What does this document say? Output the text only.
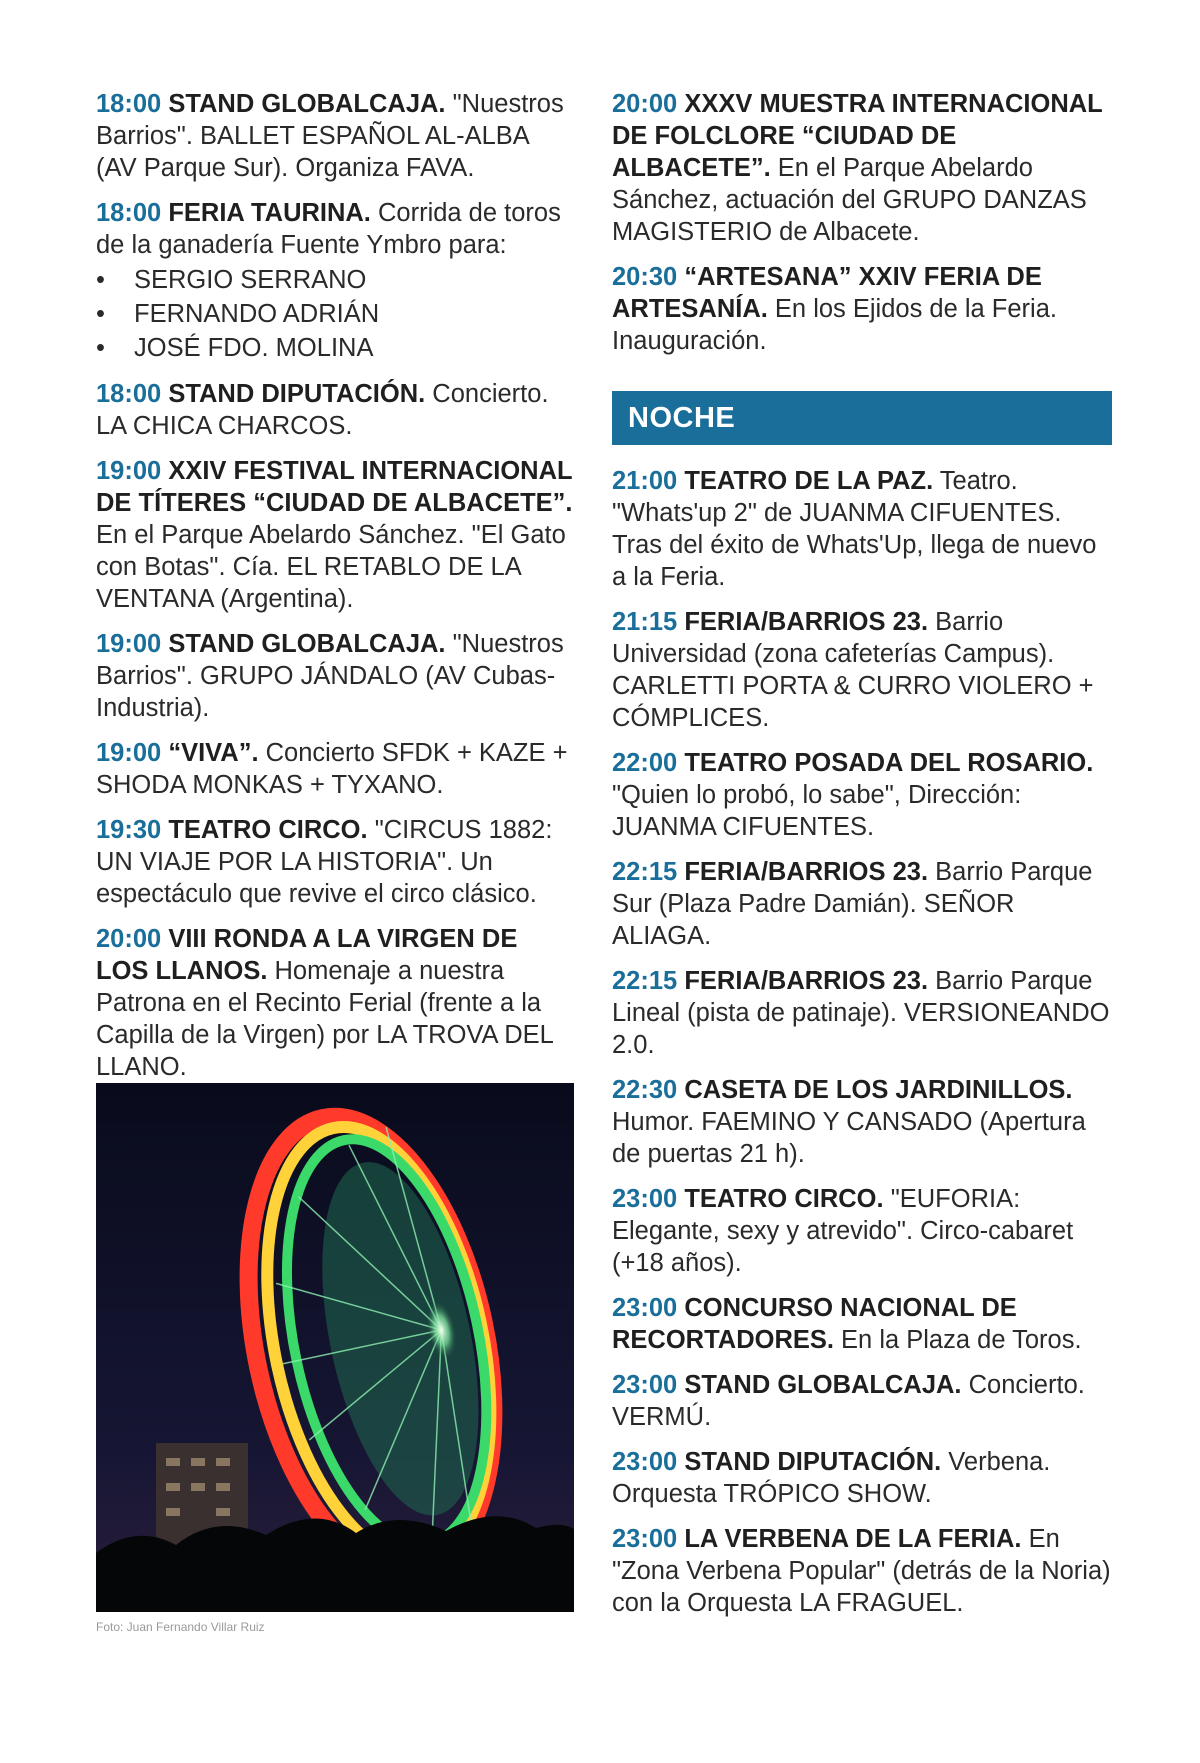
18:00 STAND GLOBALCAJA. "Nuestros Barrios". BALLET ESPAÑOL AL-ALBA (AV Parque Sur). Organiza FAVA.
18:00 FERIA TAURINA. Corrida de toros de la ganadería Fuente Ymbro para:
• SERGIO SERRANO
• FERNANDO ADRIÁN
• JOSÉ FDO. MOLINA
18:00 STAND DIPUTACIÓN. Concierto. LA CHICA CHARCOS.
19:00 XXIV FESTIVAL INTERNACIONAL DE TÍTERES “CIUDAD DE ALBACETE”. En el Parque Abelardo Sánchez. "El Gato con Botas". Cía. EL RETABLO DE LA VENTANA (Argentina).
19:00 STAND GLOBALCAJA. "Nuestros Barrios". GRUPO JÁNDALO (AV Cubas-Industria).
19:00 “VIVA”. Concierto SFDK + KAZE + SHODA MONKAS + TYXANO.
19:30 TEATRO CIRCO. "CIRCUS 1882: UN VIAJE POR LA HISTORIA". Un espectáculo que revive el circo clásico.
20:00 VIII RONDA A LA VIRGEN DE LOS LLANOS. Homenaje a nuestra Patrona en el Recinto Ferial (frente a la Capilla de la Virgen) por LA TROVA DEL LLANO.
Foto: Juan Fernando Villar Ruiz
20:00 XXXV MUESTRA INTERNACIONAL DE FOLCLORE “CIUDAD DE ALBACETE”. En el Parque Abelardo Sánchez, actuación del GRUPO DANZAS MAGISTERIO de Albacete.
20:30 “ARTESANA” XXIV FERIA DE ARTESANÍA. En los Ejidos de la Feria. Inauguración.
NOCHE
21:00 TEATRO DE LA PAZ. Teatro. "Whats'up 2" de JUANMA CIFUENTES. Tras del éxito de Whats'Up, llega de nuevo a la Feria.
21:15 FERIA/BARRIOS 23. Barrio Universidad (zona cafeterías Campus). CARLETTI PORTA & CURRO VIOLERO + CÓMPLICES.
22:00 TEATRO POSADA DEL ROSARIO. "Quien lo probó, lo sabe", Dirección: JUANMA CIFUENTES.
22:15 FERIA/BARRIOS 23. Barrio Parque Sur (Plaza Padre Damián). SEÑOR ALIAGA.
22:15 FERIA/BARRIOS 23. Barrio Parque Lineal (pista de patinaje). VERSIONEANDO 2.0.
22:30 CASETA DE LOS JARDINILLOS. Humor. FAEMINO Y CANSADO (Apertura de puertas 21 h).
23:00 TEATRO CIRCO. "EUFORIA: Elegante, sexy y atrevido". Circo-cabaret (+18 años).
23:00 CONCURSO NACIONAL DE RECORTADORES. En la Plaza de Toros.
23:00 STAND GLOBALCAJA. Concierto. VERMÚ.
23:00 STAND DIPUTACIÓN. Verbena. Orquesta TRÓPICO SHOW.
23:00 LA VERBENA DE LA FERIA. En "Zona Verbena Popular" (detrás de la Noria) con la Orquesta LA FRAGUEL.
